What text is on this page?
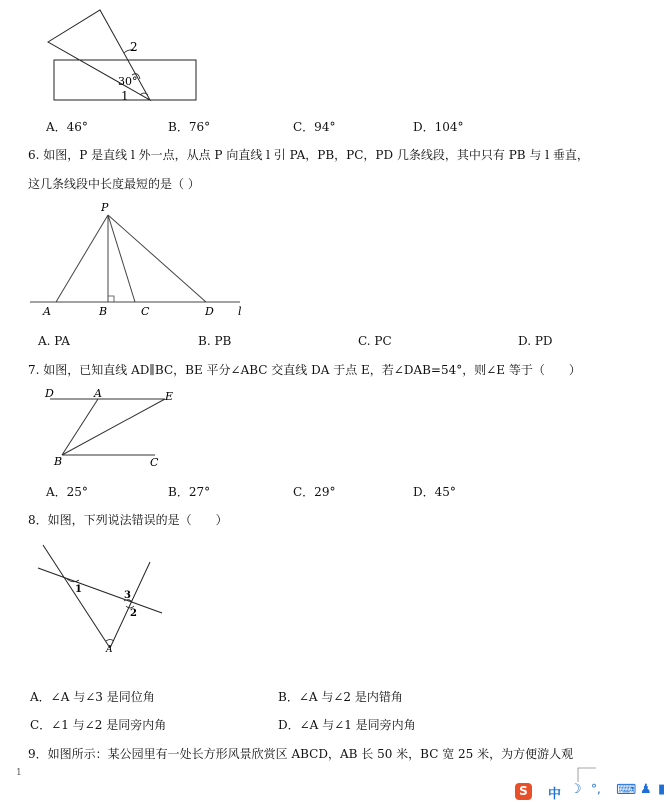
2
30°
1
A．46°	B．76°	C．94°	D．104°
6. 如图，P 是直线 l 外一点，从点 P 向直线 l 引 PA，PB，PC，PD 几条线段，其中只有 PB 与 l 垂直，
这几条线段中长度最短的是（ ）
P
A	B	C	D l
A. PA	B. PB	C. PC	D. PD
7. 如图，已知直线 AD∥BC，BE 平分∠ABC 交直线 DA 于点 E，若∠DAB=54°，则∠E 等于（　　）
D	A	E
B	C
A．25°	B．27°	C．29°	D．45°
8．如图，下列说法错误的是（　　）
1
3
2
A
A．∠A 与∠3 是同位角	B．∠A 与∠2 是内错角
C．∠1 与∠2 是同旁内角	D．∠A 与∠1 是同旁内角
9．如图所示：某公园里有一处长方形风景欣赏区 ABCD，AB 长 50 米，BC 宽 25 米，为方便游人观
1
S	中 ☽ °, ⌨ ♟ ▮
